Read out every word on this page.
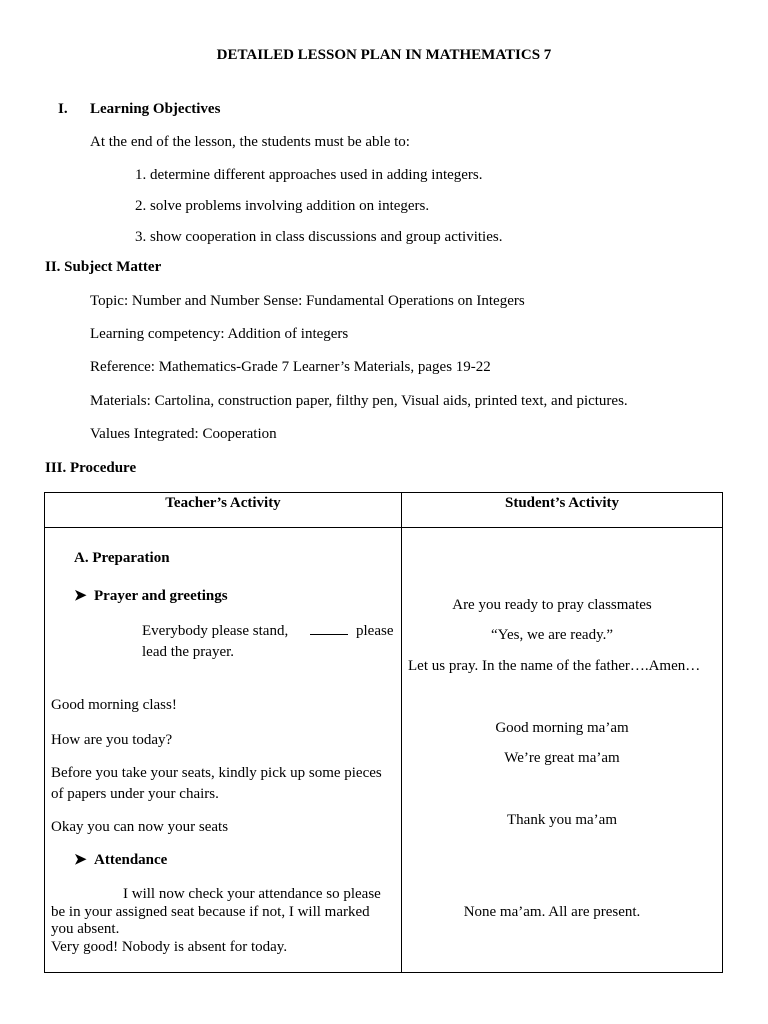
DETAILED LESSON PLAN IN MATHEMATICS 7
I. Learning Objectives
At the end of the lesson, the students must be able to:
1. determine different approaches used in adding integers.
2. solve problems involving addition on integers.
3. show cooperation in class discussions and group activities.
II. Subject Matter
Topic: Number and Number Sense: Fundamental Operations on Integers
Learning competency: Addition of integers
Reference: Mathematics-Grade 7 Learner’s Materials, pages 19-22
Materials: Cartolina, construction paper, filthy pen, Visual aids, printed text, and pictures.
Values Integrated: Cooperation
III. Procedure
Teacher’s Activity	Student’s Activity
A. Preparation
➤ Prayer and greetings
Everybody please stand,	please
lead the prayer.
Good morning class!
How are you today?
Before you take your seats, kindly pick up some pieces
of papers under your chairs.
Okay you can now your seats
➤ Attendance
I will now check your attendance so please
be in your assigned seat because if not, I will marked
you absent.
Very good! Nobody is absent for today.
Are you ready to pray classmates
“Yes, we are ready.”
Let us pray. In the name of the father….Amen…
Good morning ma’am
We’re great ma’am
Thank you ma’am
None ma’am. All are present.
